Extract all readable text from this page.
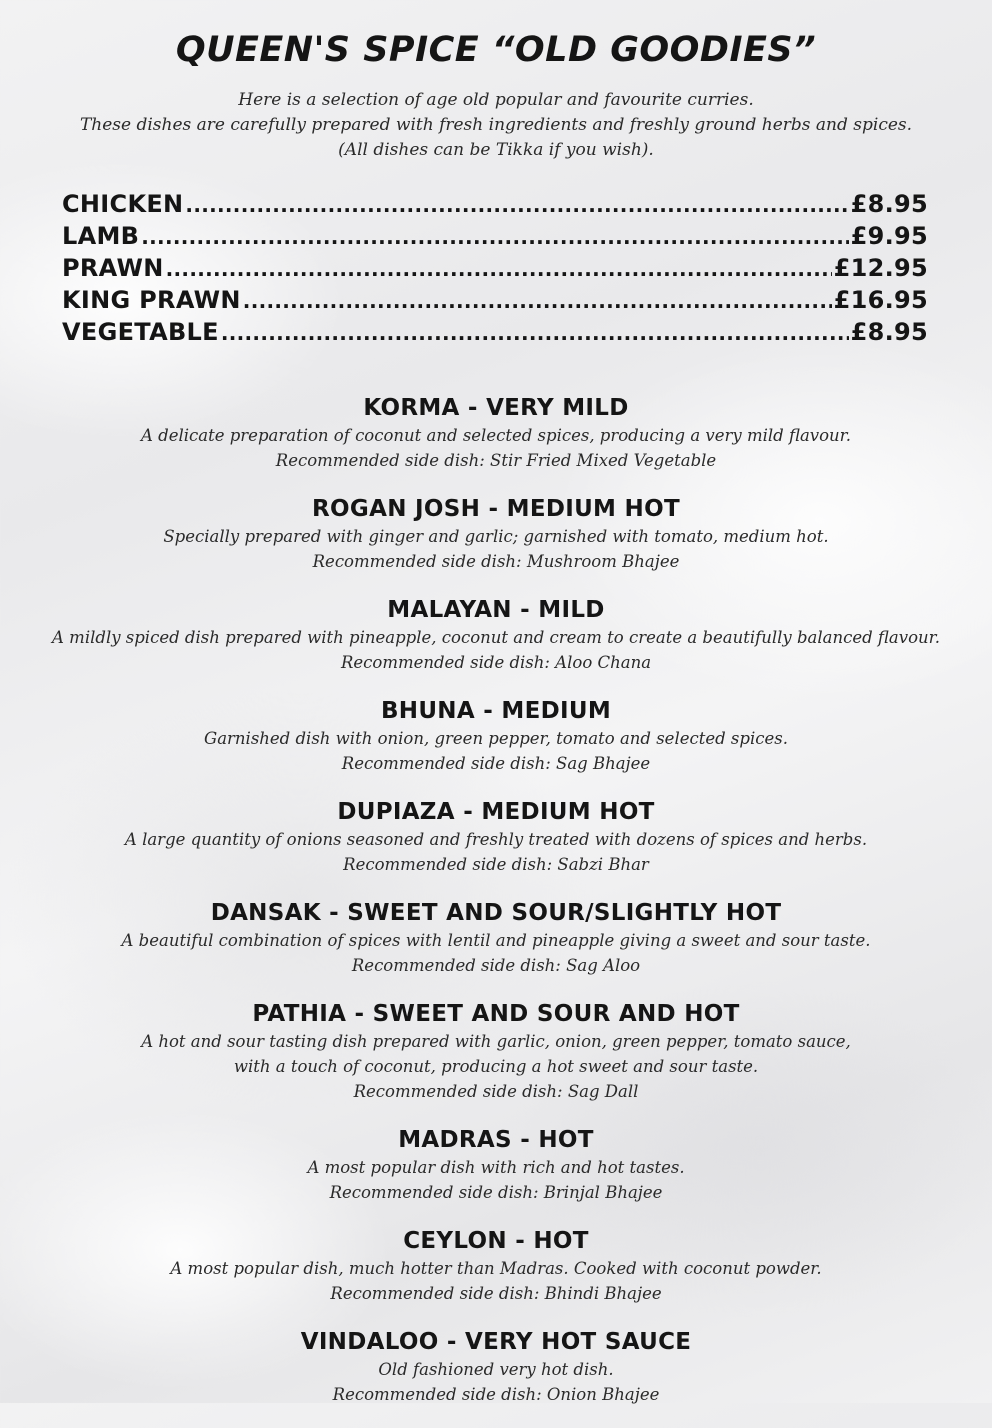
QUEEN'S SPICE “OLD GOODIES”
Here is a selection of age old popular and favourite curries.
These dishes are carefully prepared with fresh ingredients and freshly ground herbs and spices.
(All dishes can be Tikka if you wish).
CHICKEN .....	£8.95
LAMB .....	£9.95
PRAWN .....	£12.95
KING PRAWN .....	£16.95
VEGETABLE .....	£8.95
KORMA - VERY MILD
A delicate preparation of coconut and selected spices, producing a very mild flavour.
Recommended side dish: Stir Fried Mixed Vegetable
ROGAN JOSH - MEDIUM HOT
Specially prepared with ginger and garlic; garnished with tomato, medium hot.
Recommended side dish: Mushroom Bhajee
MALAYAN - MILD
A mildly spiced dish prepared with pineapple, coconut and cream to create a beautifully balanced flavour.
Recommended side dish: Aloo Chana
BHUNA - MEDIUM
Garnished dish with onion, green pepper, tomato and selected spices.
Recommended side dish: Sag Bhajee
DUPIAZA - MEDIUM HOT
A large quantity of onions seasoned and freshly treated with dozens of spices and herbs.
Recommended side dish: Sabzi Bhar
DANSAK - SWEET AND SOUR/SLIGHTLY HOT
A beautiful combination of spices with lentil and pineapple giving a sweet and sour taste.
Recommended side dish: Sag Aloo
PATHIA - SWEET AND SOUR AND HOT
A hot and sour tasting dish prepared with garlic, onion, green pepper, tomato sauce,
with a touch of coconut, producing a hot sweet and sour taste.
Recommended side dish: Sag Dall
MADRAS - HOT
A most popular dish with rich and hot tastes.
Recommended side dish: Brinjal Bhajee
CEYLON - HOT
A most popular dish, much hotter than Madras. Cooked with coconut powder.
Recommended side dish: Bhindi Bhajee
VINDALOO - VERY HOT SAUCE
Old fashioned very hot dish.
Recommended side dish: Onion Bhajee
